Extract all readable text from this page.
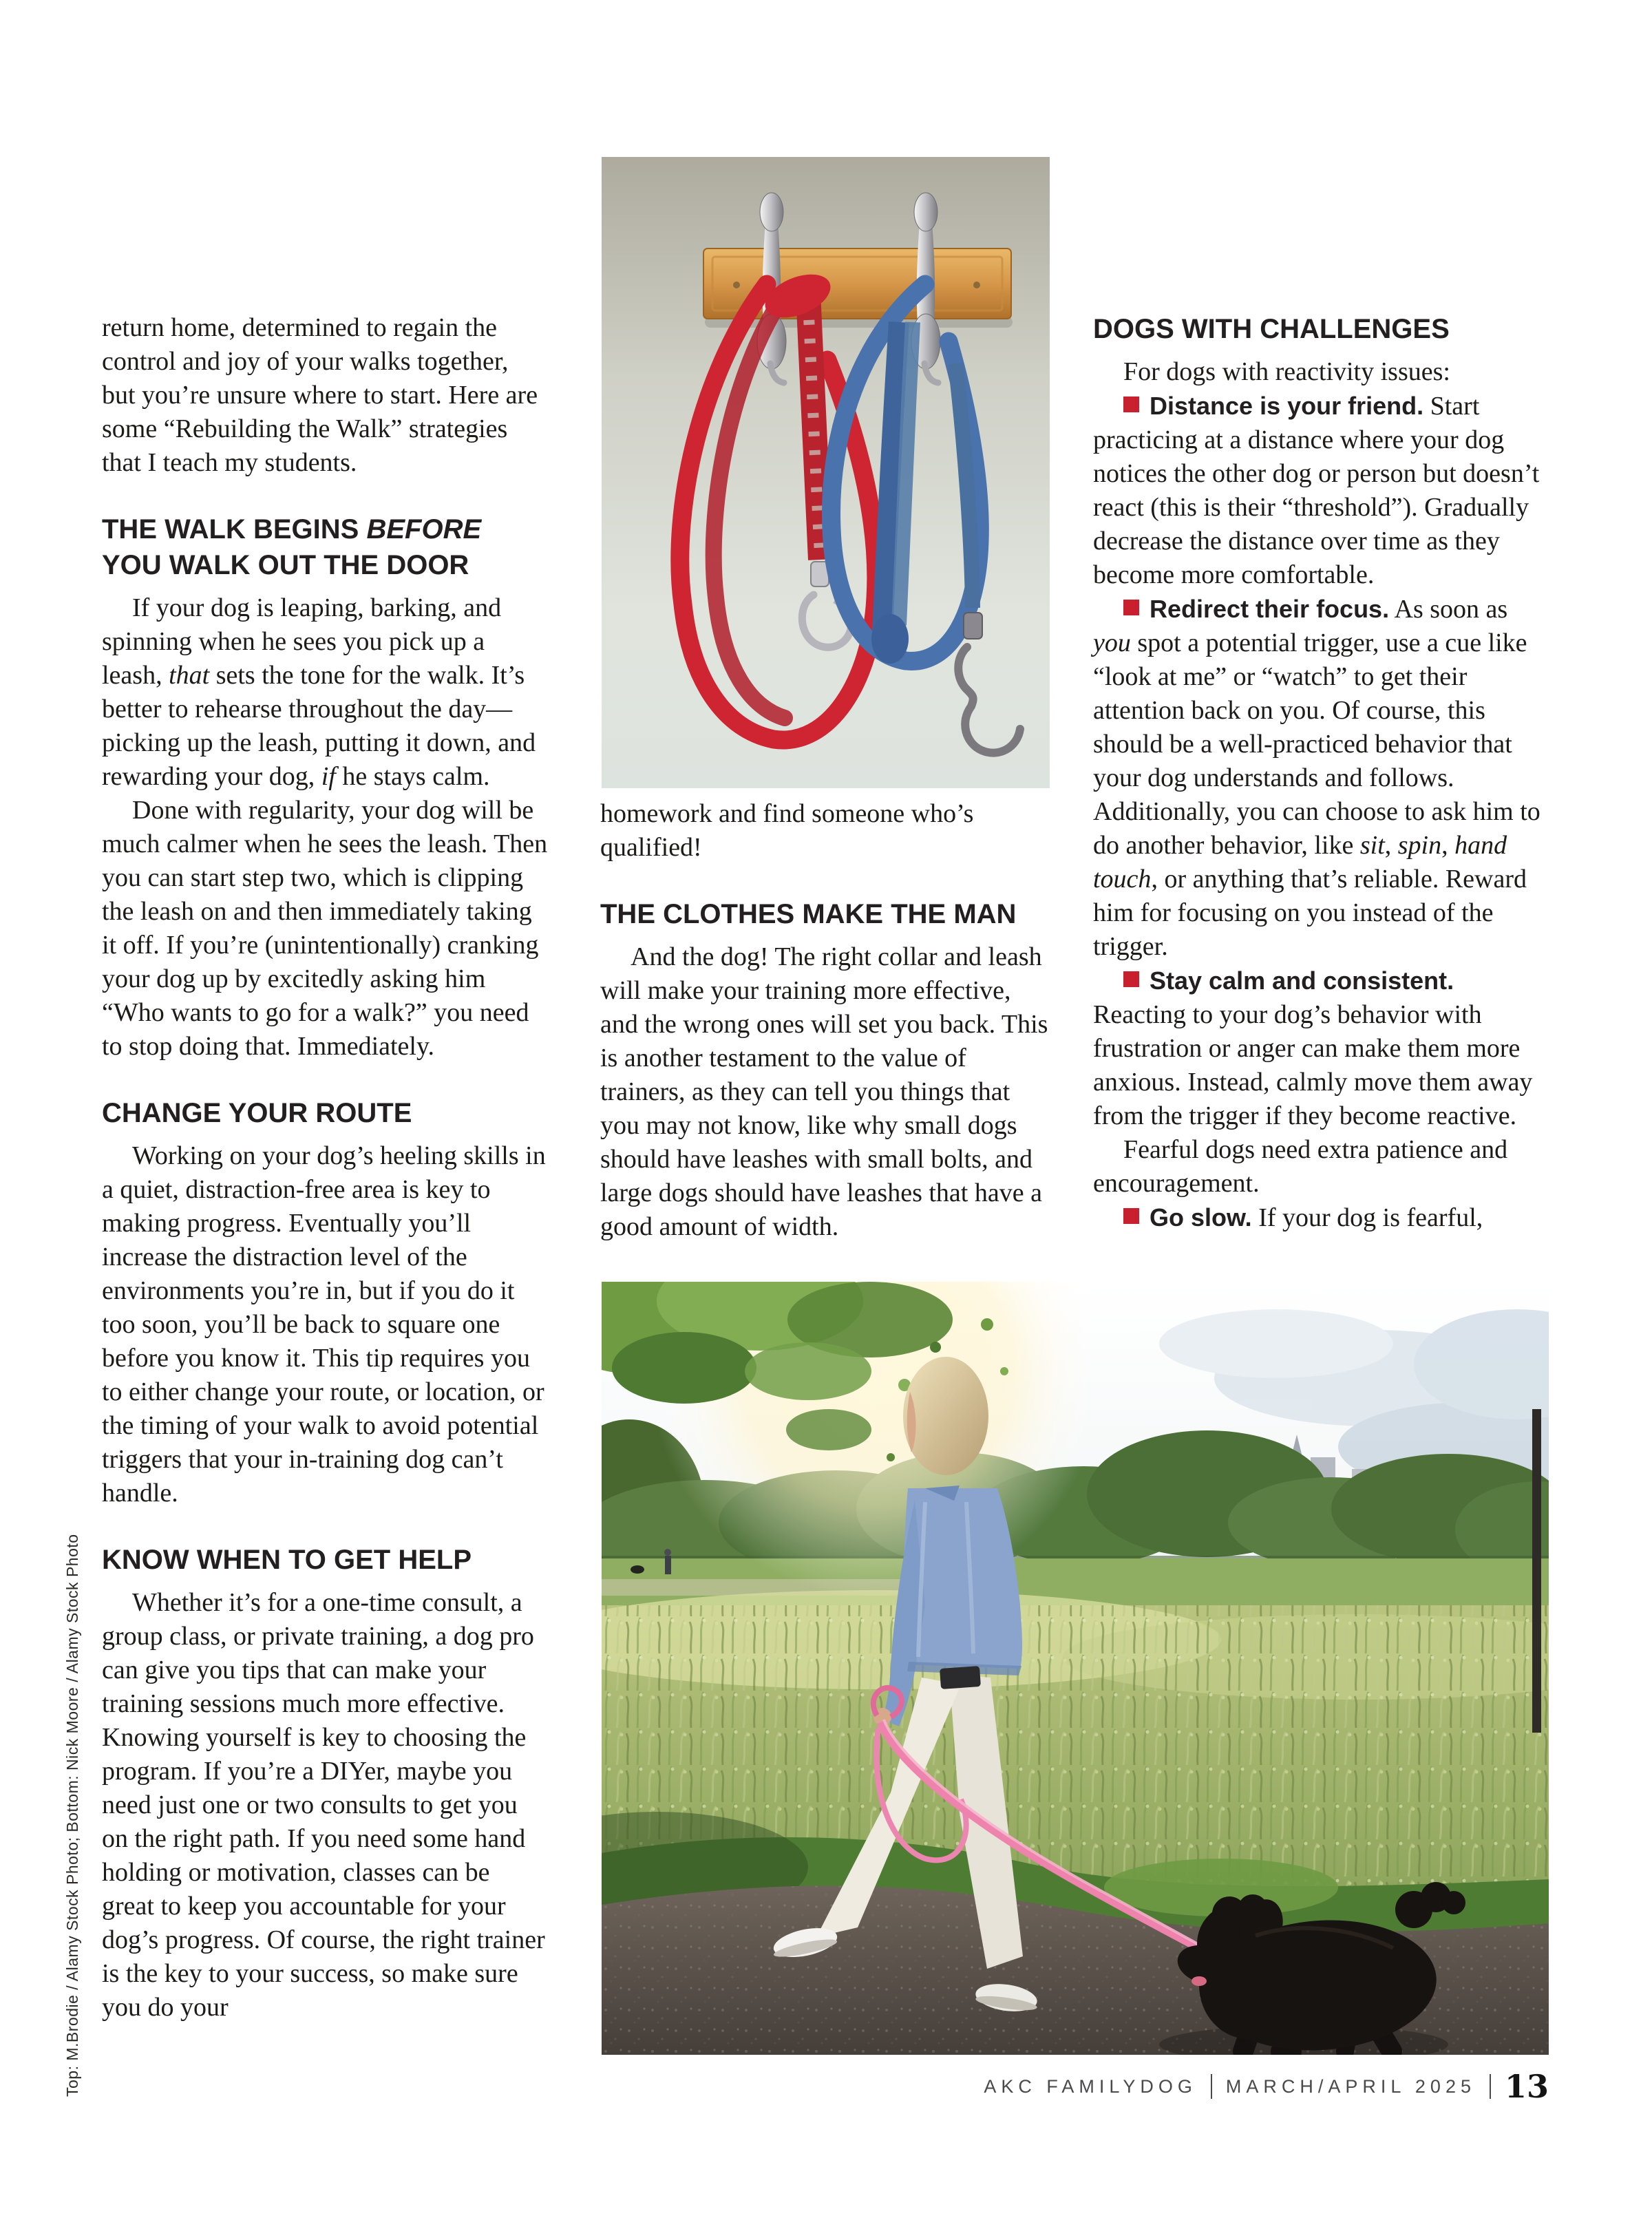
return home, determined to regain the control and joy of your walks together, but you’re unsure where to start. Here are some “Rebuilding the Walk” strategies that I teach my students.

THE WALK BEGINS BEFORE YOU WALK OUT THE DOOR

If your dog is leaping, barking, and spinning when he sees you pick up a leash, that sets the tone for the walk. It’s better to rehearse throughout the day—picking up the leash, putting it down, and rewarding your dog, if he stays calm.

Done with regularity, your dog will be much calmer when he sees the leash. Then you can start step two, which is clipping the leash on and then immediately taking it off. If you’re (unintentionally) cranking your dog up by excitedly asking him “Who wants to go for a walk?” you need to stop doing that. Immediately.

CHANGE YOUR ROUTE

Working on your dog’s heeling skills in a quiet, distraction-free area is key to making progress. Eventually you’ll increase the distraction level of the environments you’re in, but if you do it too soon, you’ll be back to square one before you know it. This tip requires you to either change your route, or location, or the timing of your walk to avoid potential triggers that your in-training dog can’t handle.

KNOW WHEN TO GET HELP

Whether it’s for a one-time consult, a group class, or private training, a dog pro can give you tips that can make your training sessions much more effective. Knowing yourself is key to choosing the program. If you’re a DIYer, maybe you need just one or two consults to get you on the right path. If you need some hand holding or motivation, classes can be great to keep you accountable for your dog’s progress. Of course, the right trainer is the key to your success, so make sure you do your

homework and find someone who’s qualified!

THE CLOTHES MAKE THE MAN

And the dog! The right collar and leash will make your training more effective, and the wrong ones will set you back. This is another testament to the value of trainers, as they can tell you things that you may not know, like why small dogs should have leashes with small bolts, and large dogs should have leashes that have a good amount of width.

DOGS WITH CHALLENGES

For dogs with reactivity issues:

Distance is your friend. Start practicing at a distance where your dog notices the other dog or person but doesn’t react (this is their “threshold”). Gradually decrease the distance over time as they become more comfortable.

Redirect their focus. As soon as you spot a potential trigger, use a cue like “look at me” or “watch” to get their attention back on you. Of course, this should be a well-practiced behavior that your dog understands and follows. Additionally, you can choose to ask him to do another behavior, like sit, spin, hand touch, or anything that’s reliable. Reward him for focusing on you instead of the trigger.

Stay calm and consistent. Reacting to your dog’s behavior with frustration or anger can make them more anxious. Instead, calmly move them away from the trigger if they become reactive.

Fearful dogs need extra patience and encouragement.

Go slow. If your dog is fearful,

Top: M.Brodie / Alamy Stock Photo; Bottom: Nick Moore / Alamy Stock Photo	AKC FAMILYDOG MARCH/APRIL 2025 13
